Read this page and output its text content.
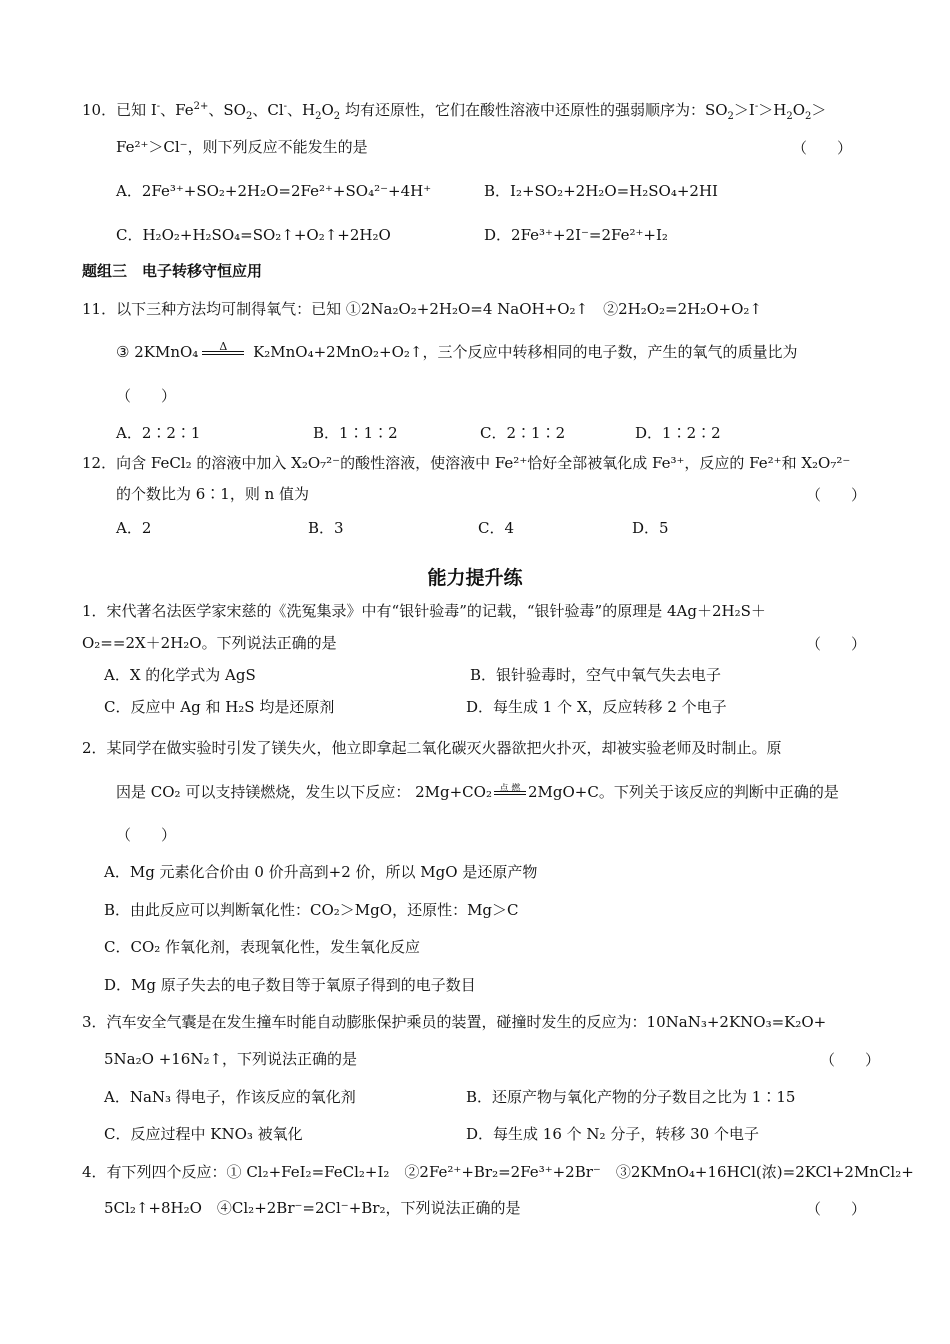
10．已知 I-、$Fe^{2+}$、$SO_2$、Cl-、$H_2O_2$ 均有还原性，它们在酸性溶液中还原性的强弱顺序为：$SO_2>I^->H_2O_2>$
Fe²⁺＞Cl⁻，则下列反应不能发生的是	（　　）
A．2Fe³⁺+SO₂+2H₂O=2Fe²⁺+SO₄²⁻+4H⁺	B．I₂+SO₂+2H₂O=H₂SO₄+2HI
C．H₂O₂+H₂SO₄=SO₂↑+O₂↑+2H₂O	D．2Fe³⁺+2I⁻=2Fe²⁺+I₂
题组三　电子转移守恒应用
11．以下三种方法均可制得氧气：已知 ①2Na₂O₂+2H₂O=4 NaOH+O₂↑　②2H₂O₂=2H₂O+O₂↑
③ 2KMnO₄	Δ	K₂MnO₄+2MnO₂+O₂↑，三个反应中转移相同的电子数，产生的氧气的质量比为
（　　）
A．2∶2∶1	B．1∶1∶2	C．2∶1∶2	D．1∶2∶2
12．向含 FeCl₂ 的溶液中加入 X₂O₇²⁻的酸性溶液，使溶液中 Fe²⁺恰好全部被氧化成 Fe³⁺，反应的 Fe²⁺和 X₂O₇²⁻
的个数比为 6∶1，则 n 值为	（　　）
A．2	B．3	C．4	D．5
能力提升练
1．宋代著名法医学家宋慈的《洗冤集录》中有“银针验毒”的记载，“银针验毒”的原理是 4Ag＋2H₂S＋
O₂==2X＋2H₂O。下列说法正确的是	（　　）
A．X 的化学式为 AgS	B．银针验毒时，空气中氧气失去电子
C．反应中 Ag 和 H₂S 均是还原剂	D．每生成 1 个 X，反应转移 2 个电子
2．某同学在做实验时引发了镁失火，他立即拿起二氧化碳灭火器欲把火扑灭，却被实验老师及时制止。原
因是 CO₂ 可以支持镁燃烧，发生以下反应： 2Mg+CO₂ 点 燃 2MgO+C。下列关于该反应的判断中正确的是
（　　）
A．Mg 元素化合价由 0 价升高到+2 价，所以 MgO 是还原产物
B．由此反应可以判断氧化性：CO₂＞MgO，还原性：Mg＞C
C．CO₂ 作氧化剂，表现氧化性，发生氧化反应
D．Mg 原子失去的电子数目等于氧原子得到的电子数目
3．汽车安全气囊是在发生撞车时能自动膨胀保护乘员的装置，碰撞时发生的反应为：10NaN₃+2KNO₃=K₂O+
5Na₂O +16N₂↑，下列说法正确的是	（　　）
A．NaN₃ 得电子，作该反应的氧化剂	B．还原产物与氧化产物的分子数目之比为 1∶15
C．反应过程中 KNO₃ 被氧化	D．每生成 16 个 N₂ 分子，转移 30 个电子
4．有下列四个反应：① Cl₂+FeI₂=FeCl₂+I₂　②2Fe²⁺+Br₂=2Fe³⁺+2Br⁻　③2KMnO₄+16HCl(浓)=2KCl+2MnCl₂+
5Cl₂↑+8H₂O　④Cl₂+2Br⁻=2Cl⁻+Br₂，下列说法正确的是	（　　）
